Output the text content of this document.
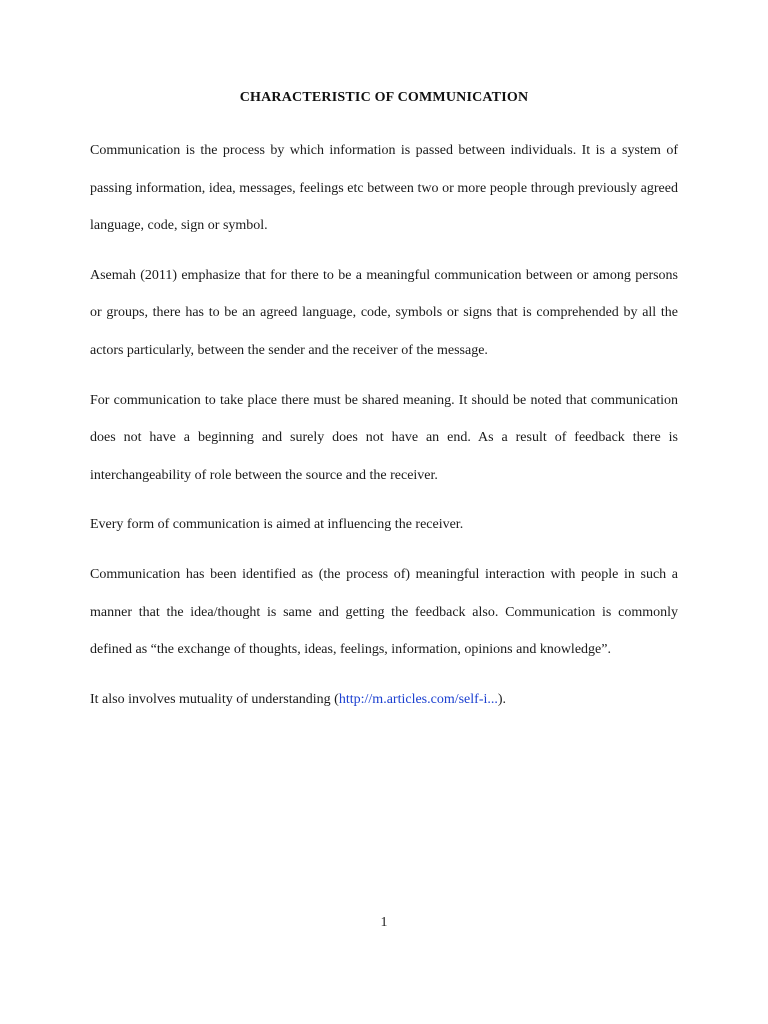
CHARACTERISTIC OF COMMUNICATION

Communication is the process by which information is passed between individuals. It is a system of passing information, idea, messages, feelings etc between two or more people through previously agreed language, code, sign or symbol.

Asemah (2011) emphasize that for there to be a meaningful communication between or among persons or groups, there has to be an agreed language, code, symbols or signs that is comprehended by all the actors particularly, between the sender and the receiver of the message.

For communication to take place there must be shared meaning. It should be noted that communication does not have a beginning and surely does not have an end. As a result of feedback there is interchangeability of role between the source and the receiver.

Every form of communication is aimed at influencing the receiver.

Communication has been identified as (the process of) meaningful interaction with people in such a manner that the idea/thought is same and getting the feedback also. Communication is commonly defined as “the exchange of thoughts, ideas, feelings, information, opinions and knowledge”.

It also involves mutuality of understanding (http://m.articles.com/self-i...).

1
